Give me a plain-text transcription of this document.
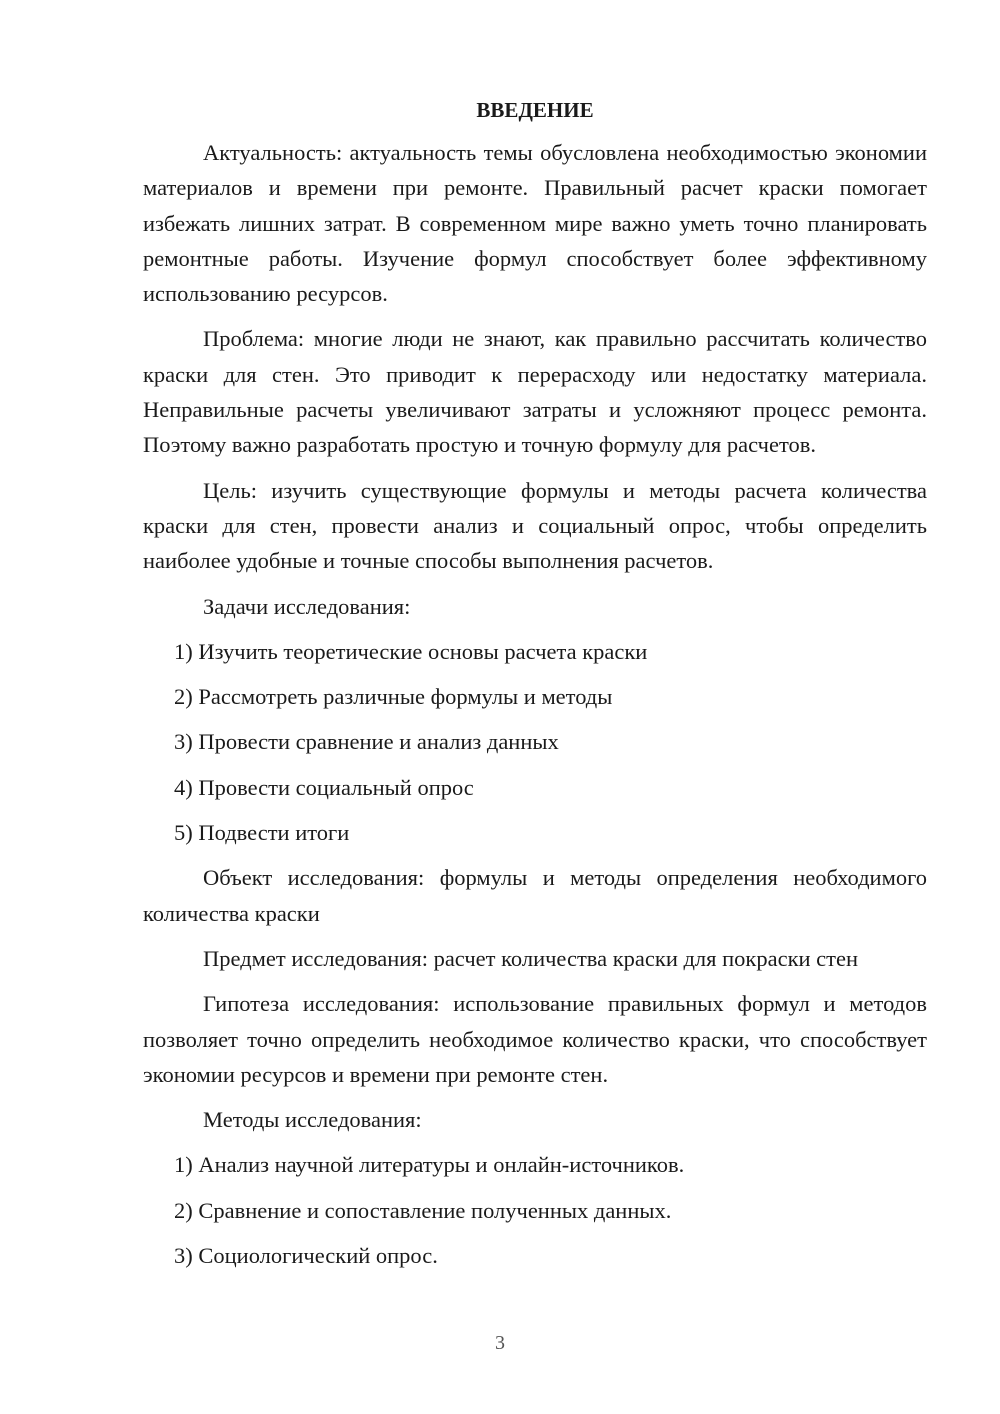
ВВЕДЕНИЕ

Актуальность: актуальность темы обусловлена необходимостью экономии материалов и времени при ремонте. Правильный расчет краски помогает избежать лишних затрат. В современном мире важно уметь точно планировать ремонтные работы. Изучение формул способствует более эффективному использованию ресурсов.

Проблема: многие люди не знают, как правильно рассчитать количество краски для стен. Это приводит к перерасходу или недостатку материала. Неправильные расчеты увеличивают затраты и усложняют процесс ремонта. Поэтому важно разработать простую и точную формулу для расчетов.

Цель: изучить существующие формулы и методы расчета количества краски для стен, провести анализ и социальный опрос, чтобы определить наиболее удобные и точные способы выполнения расчетов.

Задачи исследования:

1) Изучить теоретические основы расчета краски
2) Рассмотреть различные формулы и методы
3) Провести сравнение и анализ данных
4) Провести социальный опрос
5) Подвести итоги

Объект исследования: формулы и методы определения необходимого количества краски

Предмет исследования: расчет количества краски для покраски стен

Гипотеза исследования: использование правильных формул и методов позволяет точно определить необходимое количество краски, что способствует экономии ресурсов и времени при ремонте стен.

Методы исследования:

1) Анализ научной литературы и онлайн-источников.
2) Сравнение и сопоставление полученных данных.
3) Социологический опрос.
3
